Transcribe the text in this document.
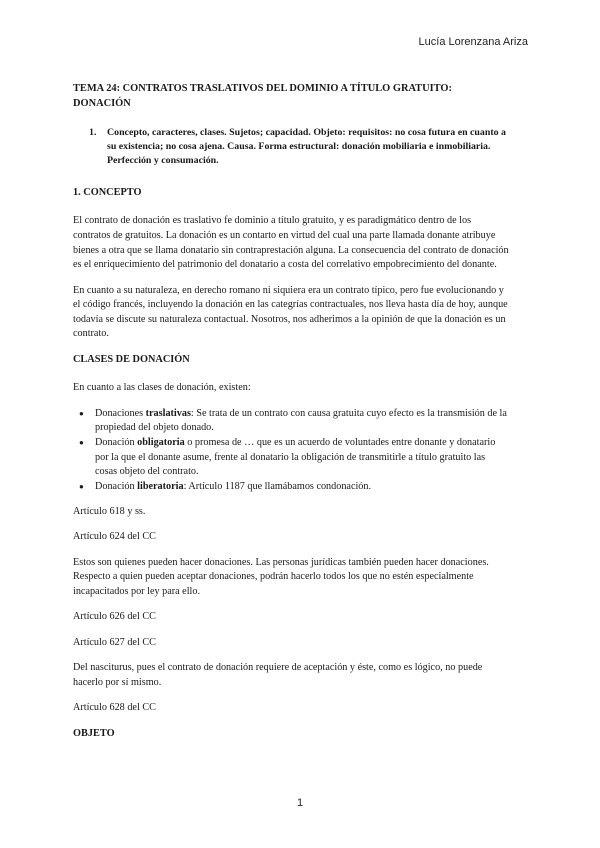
Lucía Lorenzana Ariza
TEMA 24: CONTRATOS TRASLATIVOS DEL DOMINIO A TÍTULO GRATUITO: DONACIÓN
1.	Concepto, caracteres, clases. Sujetos; capacidad. Objeto: requisitos: no cosa futura en cuanto a su existencia; no cosa ajena. Causa. Forma estructural: donación mobiliaria e inmobiliaria. Perfección y consumación.
1. CONCEPTO

El contrato de donación es traslativo fe dominio a título gratuito, y es paradigmático dentro de los contratos de gratuitos. La donación es un contarto en virtud del cual una parte llamada donante atribuye bienes a otra que se llama donatario sin contraprestación alguna. La consecuencia del contrato de donación es el enriquecimiento del patrimonio del donatario a costa del correlativo empobrecimiento del donante.

En cuanto a su naturaleza, en derecho romano ni siquiera era un contrato típico, pero fue evolucionando y el código francés, incluyendo la donación en las categrías contractuales, nos lleva hasta día de hoy, aunque todavía se discute su naturaleza contactual. Nosotros, nos adherimos a la opinión de que la donación es un contrato.

CLASES DE DONACIÓN

En cuanto a las clases de donación, existen:

● Donaciones traslativas: Se trata de un contrato con causa gratuita cuyo efecto es la transmisión de la propiedad del objeto donado.
● Donación obligatoria o promesa de … que es un acuerdo de voluntades entre donante y donatario por la que el donante asume, frente al donatario la obligación de transmitirle a título gratuito las cosas objeto del contrato.
● Donación liberatoria: Artículo 1187 que llamábamos condonación.

Artículo 618 y ss.

Artículo 624 del CC

Estos son quienes pueden hacer donaciones. Las personas jurídicas también pueden hacer donaciones. Respecto a quien pueden aceptar donaciones, podrán hacerlo todos los que no estén especialmente incapacitados por ley para ello.

Artículo 626 del CC

Artículo 627 del CC

Del nasciturus, pues el contrato de donación requiere de aceptación y éste, como es lógico, no puede hacerlo por sí mismo.

Artículo 628 del CC

OBJETO
1
